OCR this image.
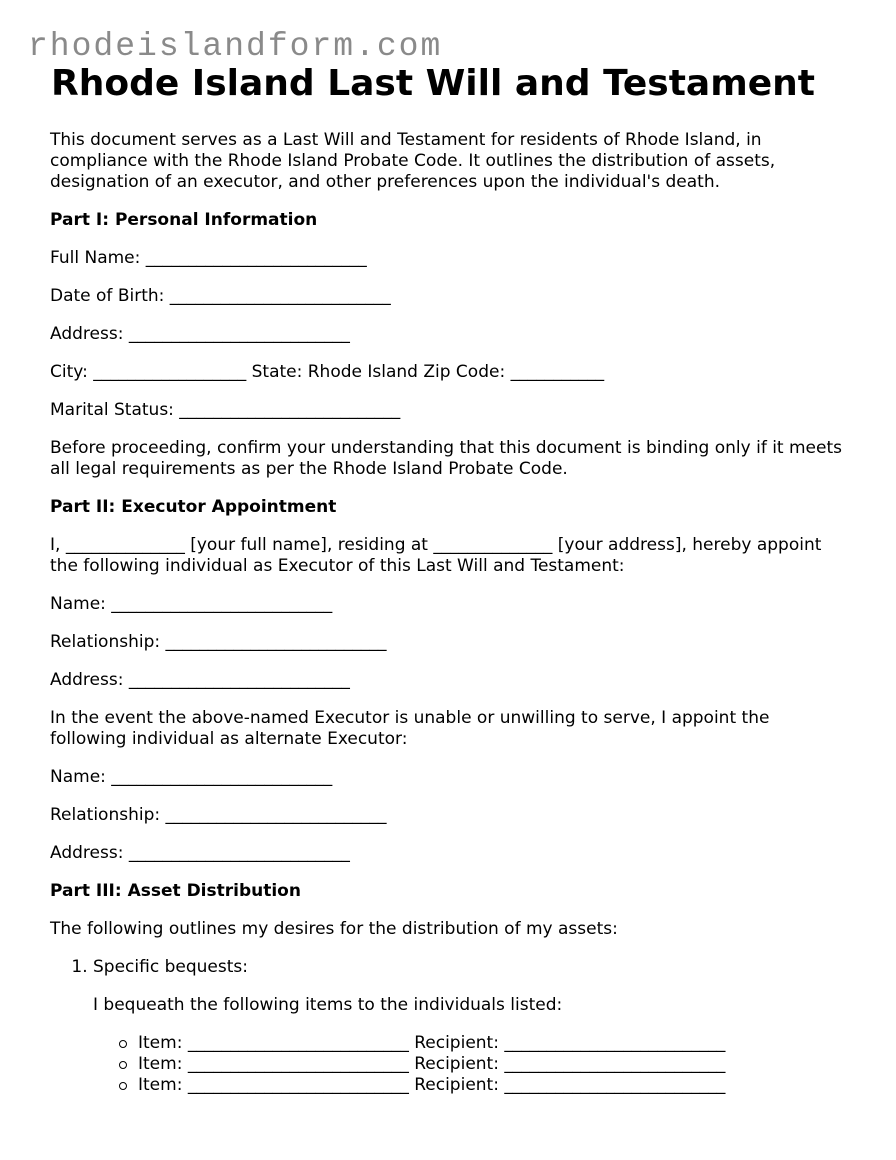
rhodeislandform.com
Rhode Island Last Will and Testament

This document serves as a Last Will and Testament for residents of Rhode Island, in compliance with the Rhode Island Probate Code. It outlines the distribution of assets, designation of an executor, and other preferences upon the individual's death.

Part I: Personal Information

Full Name: __________________________

Date of Birth: __________________________

Address: __________________________

City: __________________ State: Rhode Island Zip Code: ___________

Marital Status: __________________________

Before proceeding, confirm your understanding that this document is binding only if it meets all legal requirements as per the Rhode Island Probate Code.

Part II: Executor Appointment

I, ______________ [your full name], residing at ______________ [your address], hereby appoint the following individual as Executor of this Last Will and Testament:

Name: __________________________

Relationship: __________________________

Address: __________________________

In the event the above-named Executor is unable or unwilling to serve, I appoint the following individual as alternate Executor:

Name: __________________________

Relationship: __________________________

Address: __________________________

Part III: Asset Distribution

The following outlines my desires for the distribution of my assets:

1. Specific bequests:

I bequeath the following items to the individuals listed:

Item: __________________________ Recipient: __________________________
Item: __________________________ Recipient: __________________________
Item: __________________________ Recipient: __________________________
